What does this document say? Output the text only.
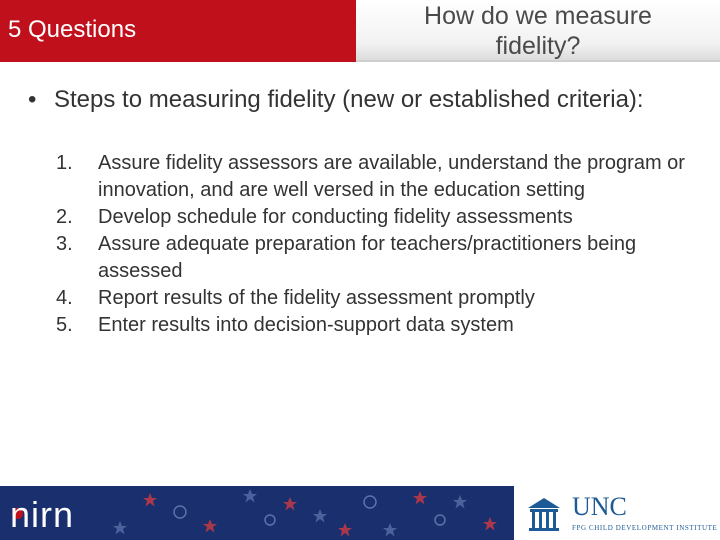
5 Questions	How do we measure
fidelity?
• Steps to measuring fidelity (new or established criteria):
1. Assure fidelity assessors are available, understand the program or innovation, and are well versed in the education setting
2. Develop schedule for conducting fidelity assessments
3. Assure adequate preparation for teachers/practitioners being assessed
4. Report results of the fidelity assessment promptly
5. Enter results into decision-support data system
nirn	UNC
FPG CHILD DEVELOPMENT INSTITUTE
